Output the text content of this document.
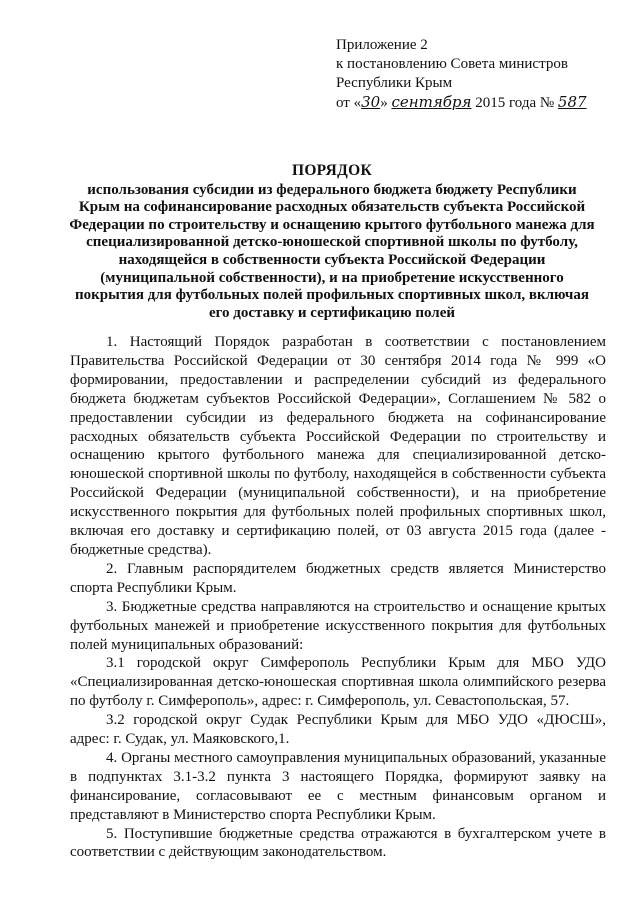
Приложение 2
к постановлению Совета министров
Республики Крым
от «30» сентября 2015 года № 587
ПОРЯДОК
использования субсидии из федерального бюджета бюджету Республики
Крым на софинансирование расходных обязательств субъекта Российской
Федерации по строительству и оснащению крытого футбольного манежа для
специализированной детско-юношеской спортивной школы по футболу,
находящейся в собственности субъекта Российской Федерации
(муниципальной собственности), и на приобретение искусственного
покрытия для футбольных полей профильных спортивных школ, включая
его доставку и сертификацию полей

1. Настоящий Порядок разработан в соответствии с постановлением Правительства Российской Федерации от 30 сентября 2014 года № 999 «О формировании, предоставлении и распределении субсидий из федерального бюджета бюджетам субъектов Российской Федерации», Соглашением № 582 о предоставлении субсидии из федерального бюджета на софинансирование расходных обязательств субъекта Российской Федерации по строительству и оснащению крытого футбольного манежа для специализированной детско-юношеской спортивной школы по футболу, находящейся в собственности субъекта Российской Федерации (муниципальной собственности), и на приобретение искусственного покрытия для футбольных полей профильных спортивных школ, включая его доставку и сертификацию полей, от 03 августа 2015 года (далее - бюджетные средства).

2. Главным распорядителем бюджетных средств является Министерство спорта Республики Крым.

3. Бюджетные средства направляются на строительство и оснащение крытых футбольных манежей и приобретение искусственного покрытия для футбольных полей муниципальных образований:

3.1 городской округ Симферополь Республики Крым для МБО УДО «Специализированная детско-юношеская спортивная школа олимпийского резерва по футболу г. Симферополь», адрес: г. Симферополь, ул. Севастопольская, 57.

3.2 городской округ Судак Республики Крым для МБО УДО «ДЮСШ», адрес: г. Судак, ул. Маяковского,1.

4. Органы местного самоуправления муниципальных образований, указанные в подпунктах 3.1-3.2 пункта 3 настоящего Порядка, формируют заявку на финансирование, согласовывают ее с местным финансовым органом и представляют в Министерство спорта Республики Крым.

5. Поступившие бюджетные средства отражаются в бухгалтерском учете в соответствии с действующим законодательством.
